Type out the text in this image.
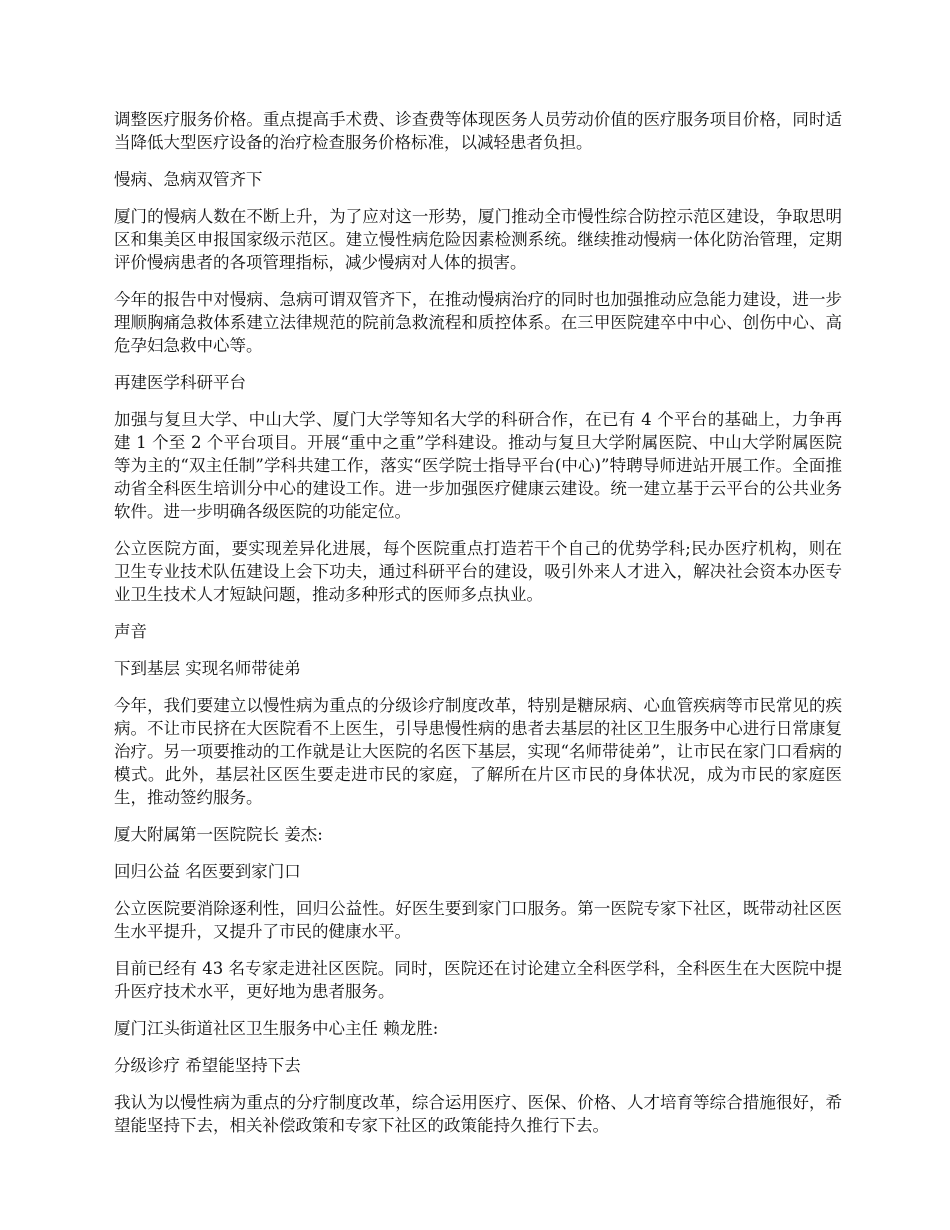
调整医疗服务价格。重点提高手术费、诊查费等体现医务人员劳动价值的医疗服务项目价格，同时适当降低大型医疗设备的治疗检查服务价格标准，以减轻患者负担。

慢病、急病双管齐下

厦门的慢病人数在不断上升，为了应对这一形势，厦门推动全市慢性综合防控示范区建设，争取思明区和集美区申报国家级示范区。建立慢性病危险因素检测系统。继续推动慢病一体化防治管理，定期评价慢病患者的各项管理指标，减少慢病对人体的损害。

今年的报告中对慢病、急病可谓双管齐下，在推动慢病治疗的同时也加强推动应急能力建设，进一步理顺胸痛急救体系建立法律规范的院前急救流程和质控体系。在三甲医院建卒中中心、创伤中心、高危孕妇急救中心等。

再建医学科研平台

加强与复旦大学、中山大学、厦门大学等知名大学的科研合作，在已有 4 个平台的基础上，力争再建 1 个至 2 个平台项目。开展“重中之重”学科建设。推动与复旦大学附属医院、中山大学附属医院等为主的“双主任制”学科共建工作，落实“医学院士指导平台(中心)”特聘导师进站开展工作。全面推动省全科医生培训分中心的建设工作。进一步加强医疗健康云建设。统一建立基于云平台的公共业务软件。进一步明确各级医院的功能定位。

公立医院方面，要实现差异化进展，每个医院重点打造若干个自己的优势学科;民办医疗机构，则在卫生专业技术队伍建设上会下功夫，通过科研平台的建设，吸引外来人才进入，解决社会资本办医专业卫生技术人才短缺问题，推动多种形式的医师多点执业。

声音

下到基层 实现名师带徒弟

今年，我们要建立以慢性病为重点的分级诊疗制度改革，特别是糖尿病、心血管疾病等市民常见的疾病。不让市民挤在大医院看不上医生，引导患慢性病的患者去基层的社区卫生服务中心进行日常康复治疗。另一项要推动的工作就是让大医院的名医下基层，实现“名师带徒弟”，让市民在家门口看病的模式。此外，基层社区医生要走进市民的家庭，了解所在片区市民的身体状况，成为市民的家庭医生，推动签约服务。

厦大附属第一医院院长 姜杰:

回归公益 名医要到家门口

公立医院要消除逐利性，回归公益性。好医生要到家门口服务。第一医院专家下社区，既带动社区医生水平提升，又提升了市民的健康水平。

目前已经有 43 名专家走进社区医院。同时，医院还在讨论建立全科医学科，全科医生在大医院中提升医疗技术水平，更好地为患者服务。

厦门江头街道社区卫生服务中心主任 赖龙胜:

分级诊疗 希望能坚持下去

我认为以慢性病为重点的分疗制度改革，综合运用医疗、医保、价格、人才培育等综合措施很好，希望能坚持下去，相关补偿政策和专家下社区的政策能持久推行下去。
